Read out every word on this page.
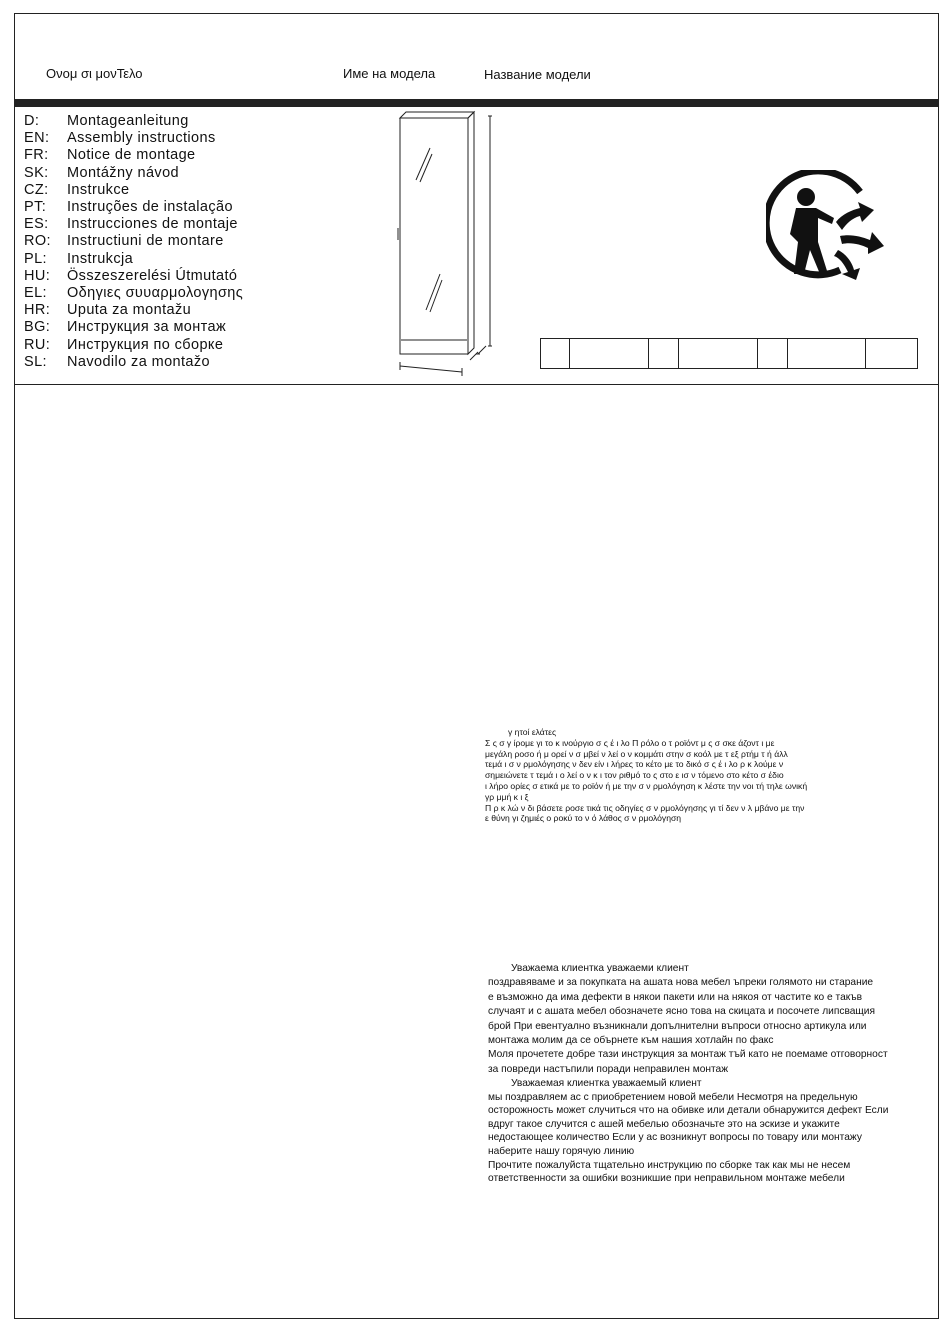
Ονομ σι μονΤελο	Име на модела	Название модели
D:	Montageanleitung
EN:	Assembly instructions
FR:	Notice de montage
SK:	Montážny návod
CZ:	Instrukce
PT:	Instruções de instalação
ES:	Instrucciones de montaje
RO:	Instructiuni de montare
PL:	Instrukcja
HU:	Összeszerelési Útmutató
EL:	Οδηγιες συυαρμολογησης
HR:	Uputa za montažu
BG:	Инструкция за монтаж
RU:	Инструкция по сборке
SL:	Navodilo za montažo
γ ητοί ελάτες
Σ ς σ γ ίρομε γι το κ ινούργιο σ ς έ ι λο Π ρόλο ο τ ροϊόντ μ ς σ σκε άζοντ ι με
μεγάλη ροσο ή μ ορεί ν σ μβεί ν λεί ο ν κομμάτι στην σ κοόλ με τ εξ ρτήμ τ ή άλλ
τεμά ι σ ν ρμολόγησης ν δεν είν ι λήρες το κέτο με το δικό σ ς έ ι λο ρ κ λούμε ν
σημειώνετε τ τεμά ι ο λεί ο ν κ ι τον ριθμό το ς στο ε ισ ν τόμενο στο κέτο σ έδιο
ι λήρο ορίες σ ετικά με το ροϊόν ή με την σ ν ρμολόγηση κ λέστε την νοι τή τηλε ωνική
γρ μμή κ ι ξ
Π ρ κ λώ ν δι βάσετε ροσε τικά τις οδηγίες σ ν ρμολόγησης γι τί δεν ν λ μβάνο με την
ε θύνη γι ζημιές ο ροκύ το ν ό λάθος σ ν ρμολόγηση
Уважаема клиентка уважаеми клиент
поздравяваме и за покупката на ашата нова мебел ъпреки голямото ни старание
е възможно да има дефекти в някои пакети или на някоя от частите ко е такъв
случаят и с ашата мебел обозначете ясно това на скицата и посочете липсващия
брой При евентуално възникнали допълнителни въпроси относно артикула или
монтажа молим да се обърнете към нашия хотлайн по факс
Моля прочетете добре тази инструкция за монтаж тъй като не поемаме отговорност
за повреди настъпили поради неправилен монтаж
Уважаемая клиентка уважаемый клиент
мы поздравляем ас с приобретением новой мебели Несмотря на предельную
осторожность может случиться что на обивке или детали обнаружится дефект Если
вдруг такое случится с ашей мебелью обозначьте это на эскизе и укажите
недостающее количество Если у ас возникнут вопросы по товару или монтажу
наберите нашу горячую линию
Прочтите пожалуйста тщательно инструкцию по сборке так как мы не несем
ответственности за ошибки возникшие при неправильном монтаже мебели
